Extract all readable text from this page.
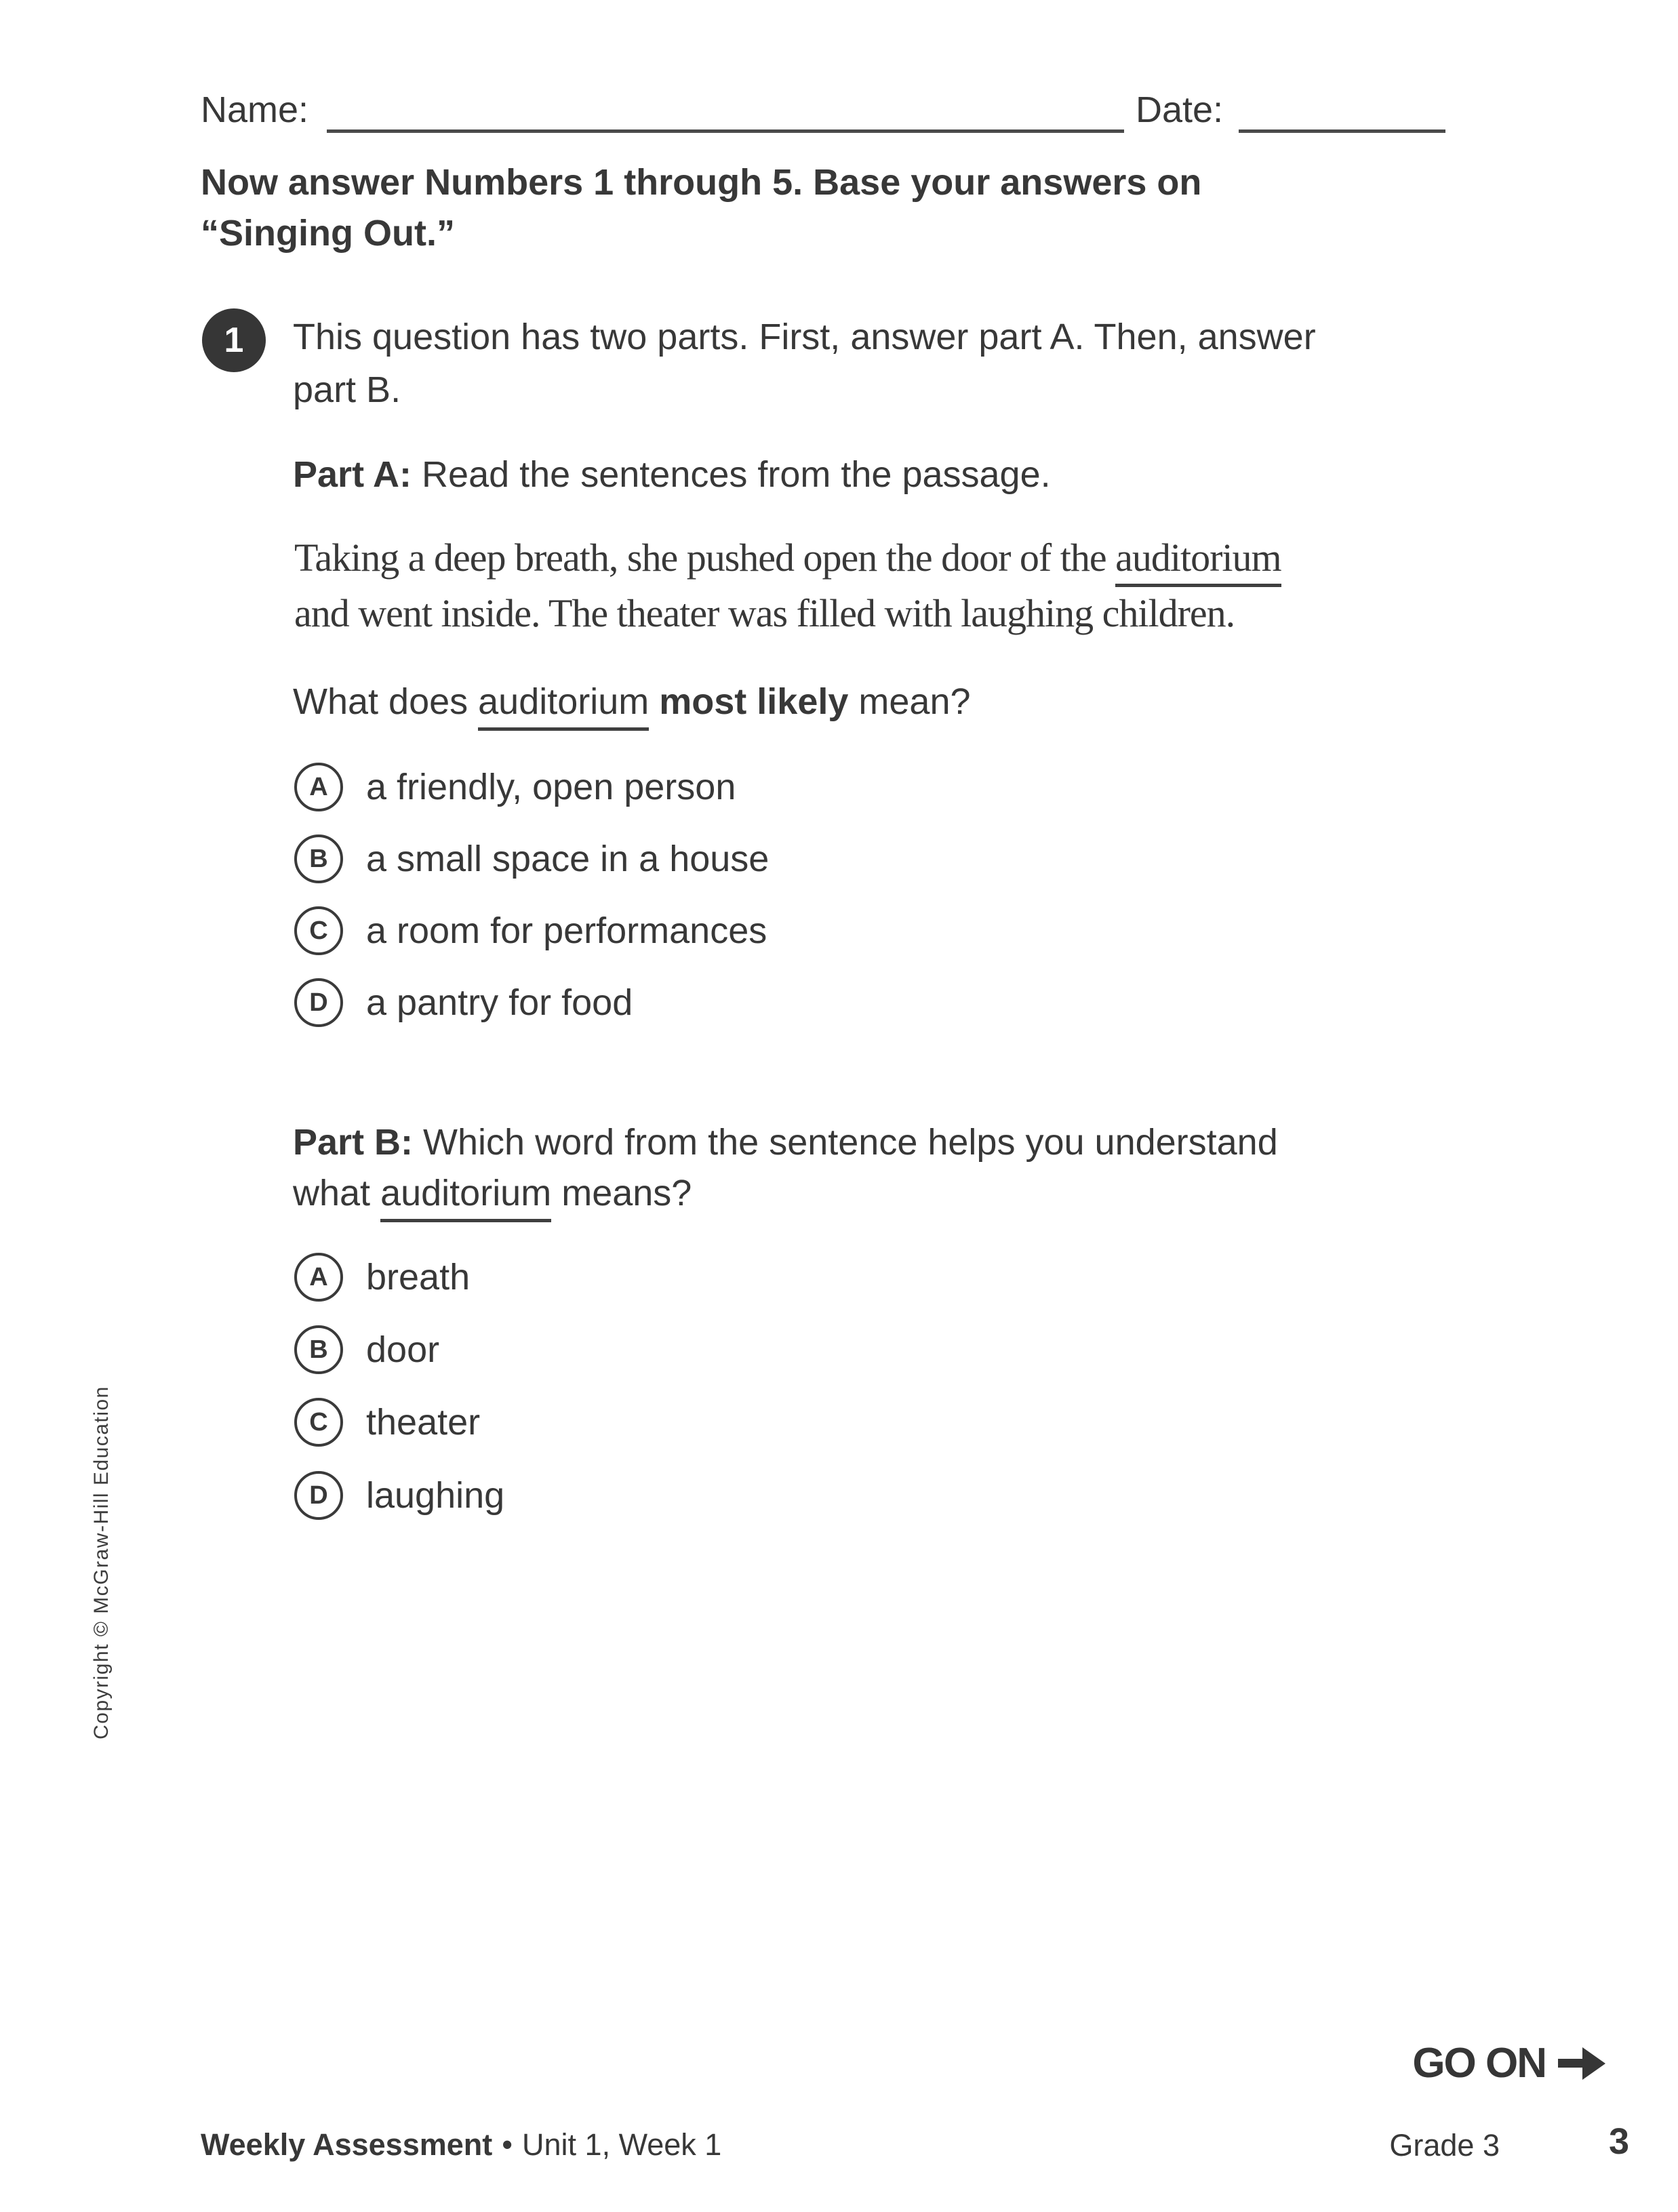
Name:	Date:
Now answer Numbers 1 through 5. Base your answers on
“Singing Out.”
1 This question has two parts. First, answer part A. Then, answer
part B.
Part A: Read the sentences from the passage.
Taking a deep breath, she pushed open the door of the auditorium
and went inside. The theater was filled with laughing children.
What does auditorium most likely mean?
A a friendly, open person
B a small space in a house
C a room for performances
D a pantry for food
Part B: Which word from the sentence helps you understand
what auditorium means?
A breath
B door
C theater
D laughing
Copyright © McGraw-Hill Education
GO ON
Weekly Assessment • Unit 1, Week 1	Grade 3	3
